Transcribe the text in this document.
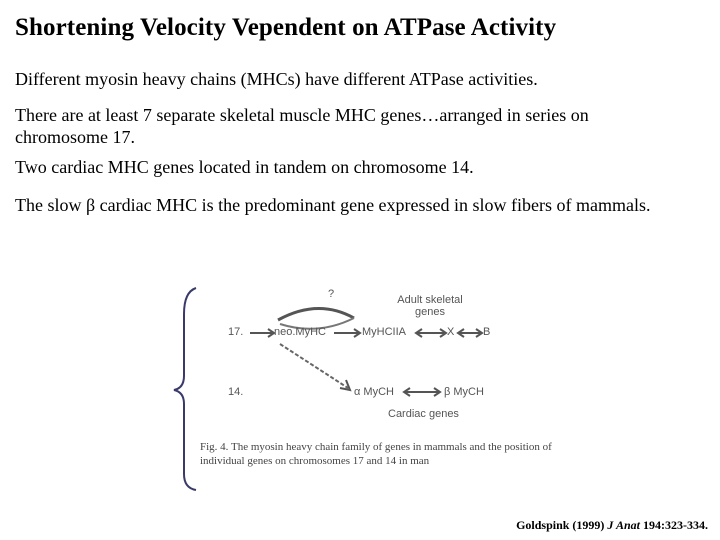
Shortening Velocity Vependent on ATPase Activity
Different myosin heavy chains (MHCs) have different ATPase activities.
There are at least 7 separate skeletal muscle MHC genes…arranged in series on chromosome 17.
Two cardiac MHC genes located in tandem on chromosome 14.
The slow β cardiac MHC is the predominant gene expressed in slow fibers of mammals.
?	Adult skeletal genes
17.	neo.MyHC	MyHCIIA	X	B
14.	α MyCH	β MyCH
Cardiac genes
Fig. 4. The myosin heavy chain family of genes in mammals and the position of individual genes on chromosomes 17 and 14 in man
Goldspink (1999) J Anat 194:323-334.
